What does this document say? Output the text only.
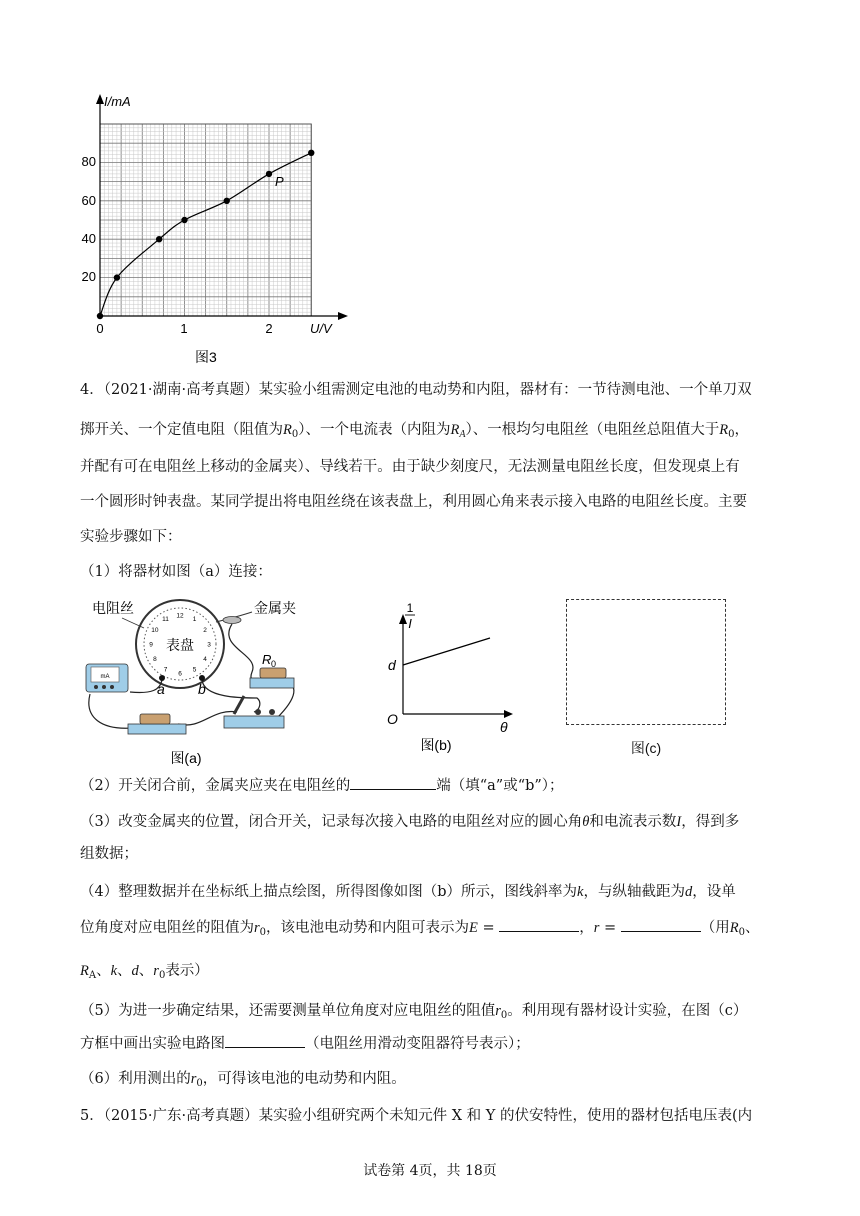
I/mA
U/V
80
60
40
20
0	1	2
P
图3
4．（2021·湖南·高考真题）某实验小组需测定电池的电动势和内阻，器材有：一节待测电池、一个单刀双
掷开关、一个定值电阻（阻值为$R_0$）、一个电流表（内阻为$R_A$）、一根均匀电阻丝（电阻丝总阻值大于$R_0$，
并配有可在电阻丝上移动的金属夹）、导线若干。由于缺少刻度尺，无法测量电阻丝长度，但发现桌上有
一个圆形时钟表盘。某同学提出将电阻丝绕在该表盘上，利用圆心角来表示接入电路的电阻丝长度。主要
实验步骤如下：
（1）将器材如图（a）连接：
表盘
12
1
2
3
4
5
6
7
8
9
10
11
电阻丝	金属夹
a b
mA
R 0
图(a)
1
I
d
O	θ
图(b)	图(c)
（2）开关闭合前，金属夹应夹在电阻丝的	端（填“a”或“b”）；
（3）改变金属夹的位置，闭合开关，记录每次接入电路的电阻丝对应的圆心角θ和电流表示数I，得到多
组数据；
（4）整理数据并在坐标纸上描点绘图，所得图像如图（b）所示，图线斜率为k，与纵轴截距为d，设单
位角度对应电阻丝的阻值为$r_0$，该电池电动势和内阻可表示为E =	，r =	（用$R_0$、
$R_A$、k、d、$r_0$表示）
（5）为进一步确定结果，还需要测量单位角度对应电阻丝的阻值$r_0$。利用现有器材设计实验，在图（c）
方框中画出实验电路图	（电阻丝用滑动变阻器符号表示）；
（6）利用测出的$r_0$，可得该电池的电动势和内阻。
5．（2015·广东·高考真题）某实验小组研究两个未知元件 X 和 Y 的伏安特性，使用的器材包括电压表(内
试卷第 4页，共 18页
